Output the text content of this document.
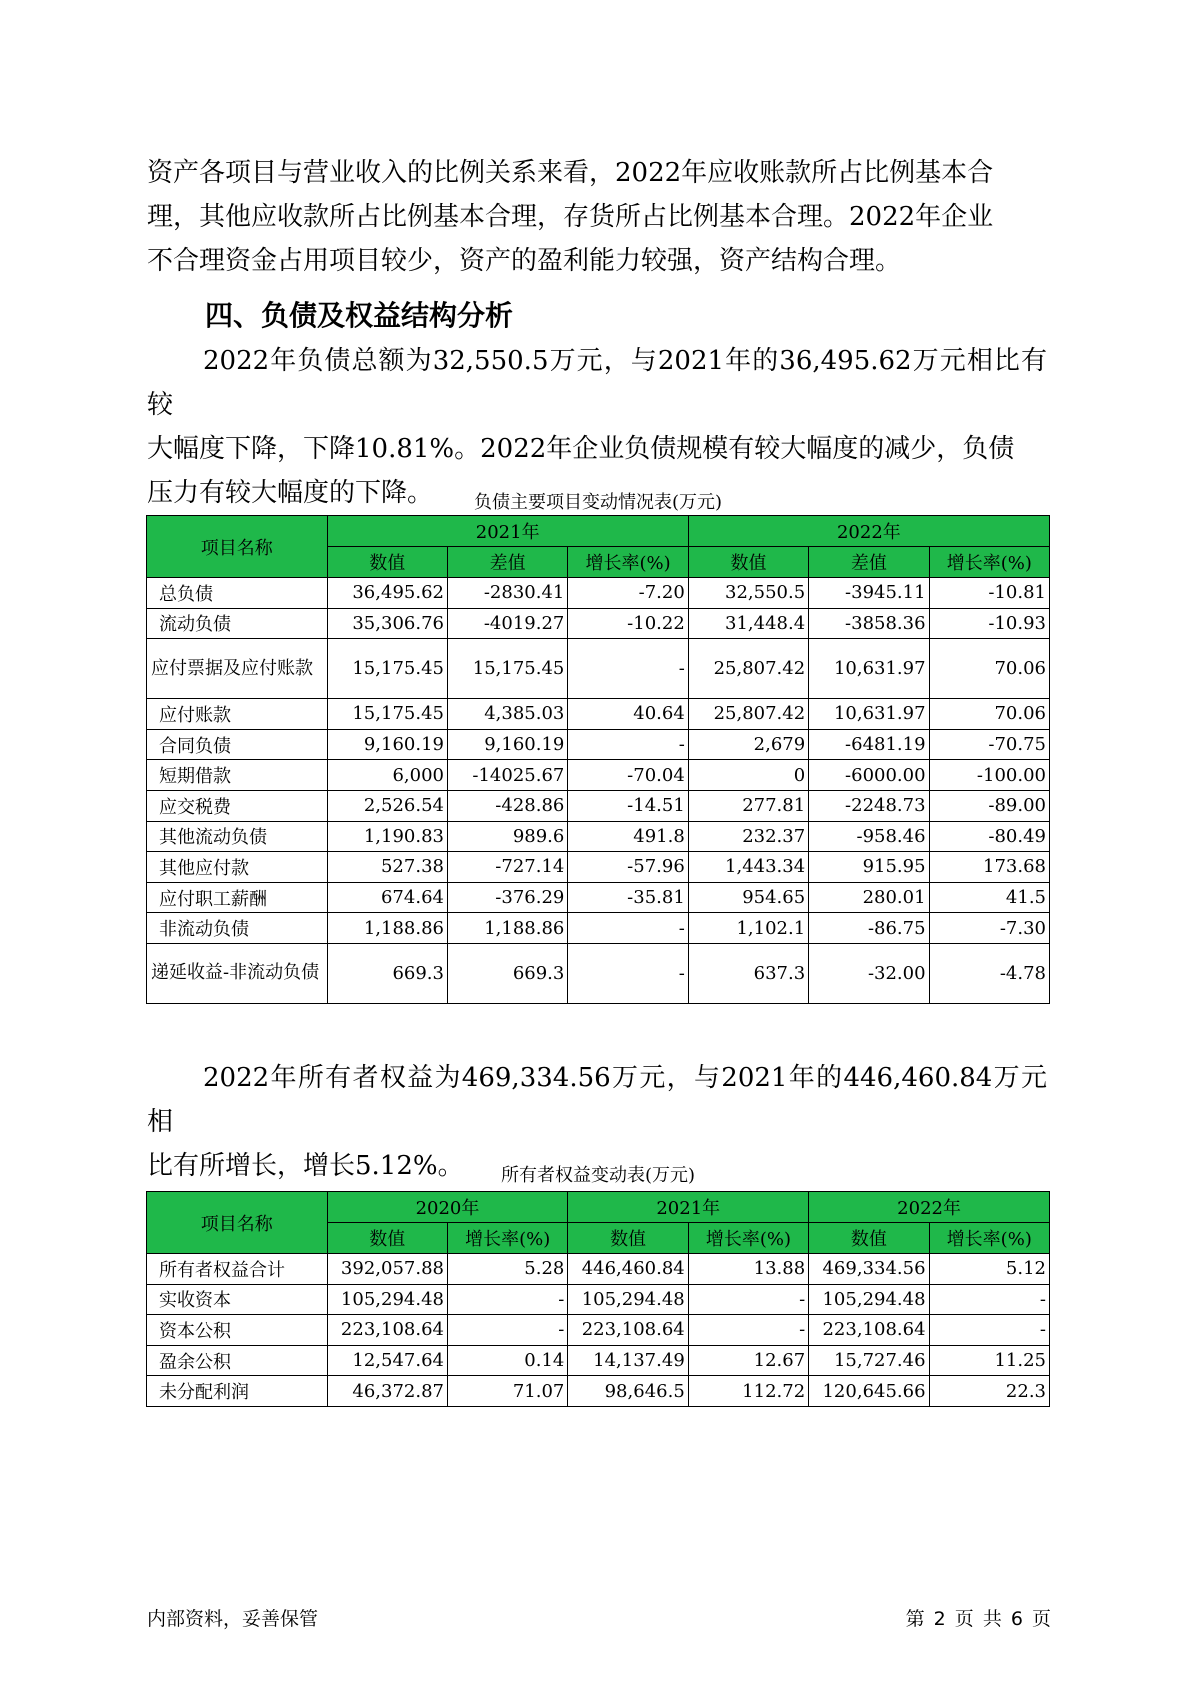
资产各项目与营业收入的比例关系来看，2022年应收账款所占比例基本合
理，其他应收款所占比例基本合理，存货所占比例基本合理。2022年企业
不合理资金占用项目较少，资产的盈利能力较强，资产结构合理。
四、负债及权益结构分析
2022年负债总额为32,550.5万元，与2021年的36,495.62万元相比有较
大幅度下降，下降10.81%。2022年企业负债规模有较大幅度的减少，负债
压力有较大幅度的下降。	负债主要项目变动情况表(万元)
项目名称	2021年			2022年		
	数值	差值	增长率(%)	数值	差值	增长率(%)
总负债	36,495.62	-2830.41	-7.20	32,550.5	-3945.11	-10.81
流动负债	35,306.76	-4019.27	-10.22	31,448.4	-3858.36	-10.93
应付票据及应付账款	15,175.45	15,175.45	-	25,807.42	10,631.97	70.06
应付账款	15,175.45	4,385.03	40.64	25,807.42	10,631.97	70.06
合同负债	9,160.19	9,160.19	-	2,679	-6481.19	-70.75
短期借款	6,000	-14025.67	-70.04	0	-6000.00	-100.00
应交税费	2,526.54	-428.86	-14.51	277.81	-2248.73	-89.00
其他流动负债	1,190.83	989.6	491.8	232.37	-958.46	-80.49
其他应付款	527.38	-727.14	-57.96	1,443.34	915.95	173.68
应付职工薪酬	674.64	-376.29	-35.81	954.65	280.01	41.5
非流动负债	1,188.86	1,188.86	-	1,102.1	-86.75	-7.30
递延收益-非流动负债	669.3	669.3	-	637.3	-32.00	-4.78
2022年所有者权益为469,334.56万元，与2021年的446,460.84万元相
比有所增长，增长5.12%。	所有者权益变动表(万元)
项目名称	2020年		2021年		2022年	
	数值	增长率(%)	数值	增长率(%)	数值	增长率(%)
所有者权益合计	392,057.88	5.28	446,460.84	13.88	469,334.56	5.12
实收资本	105,294.48	-	105,294.48	-	105,294.48	-
资本公积	223,108.64	-	223,108.64	-	223,108.64	-
盈余公积	12,547.64	0.14	14,137.49	12.67	15,727.46	11.25
未分配利润	46,372.87	71.07	98,646.5	112.72	120,645.66	22.3
内部资料，妥善保管	第 2 页 共 6 页
